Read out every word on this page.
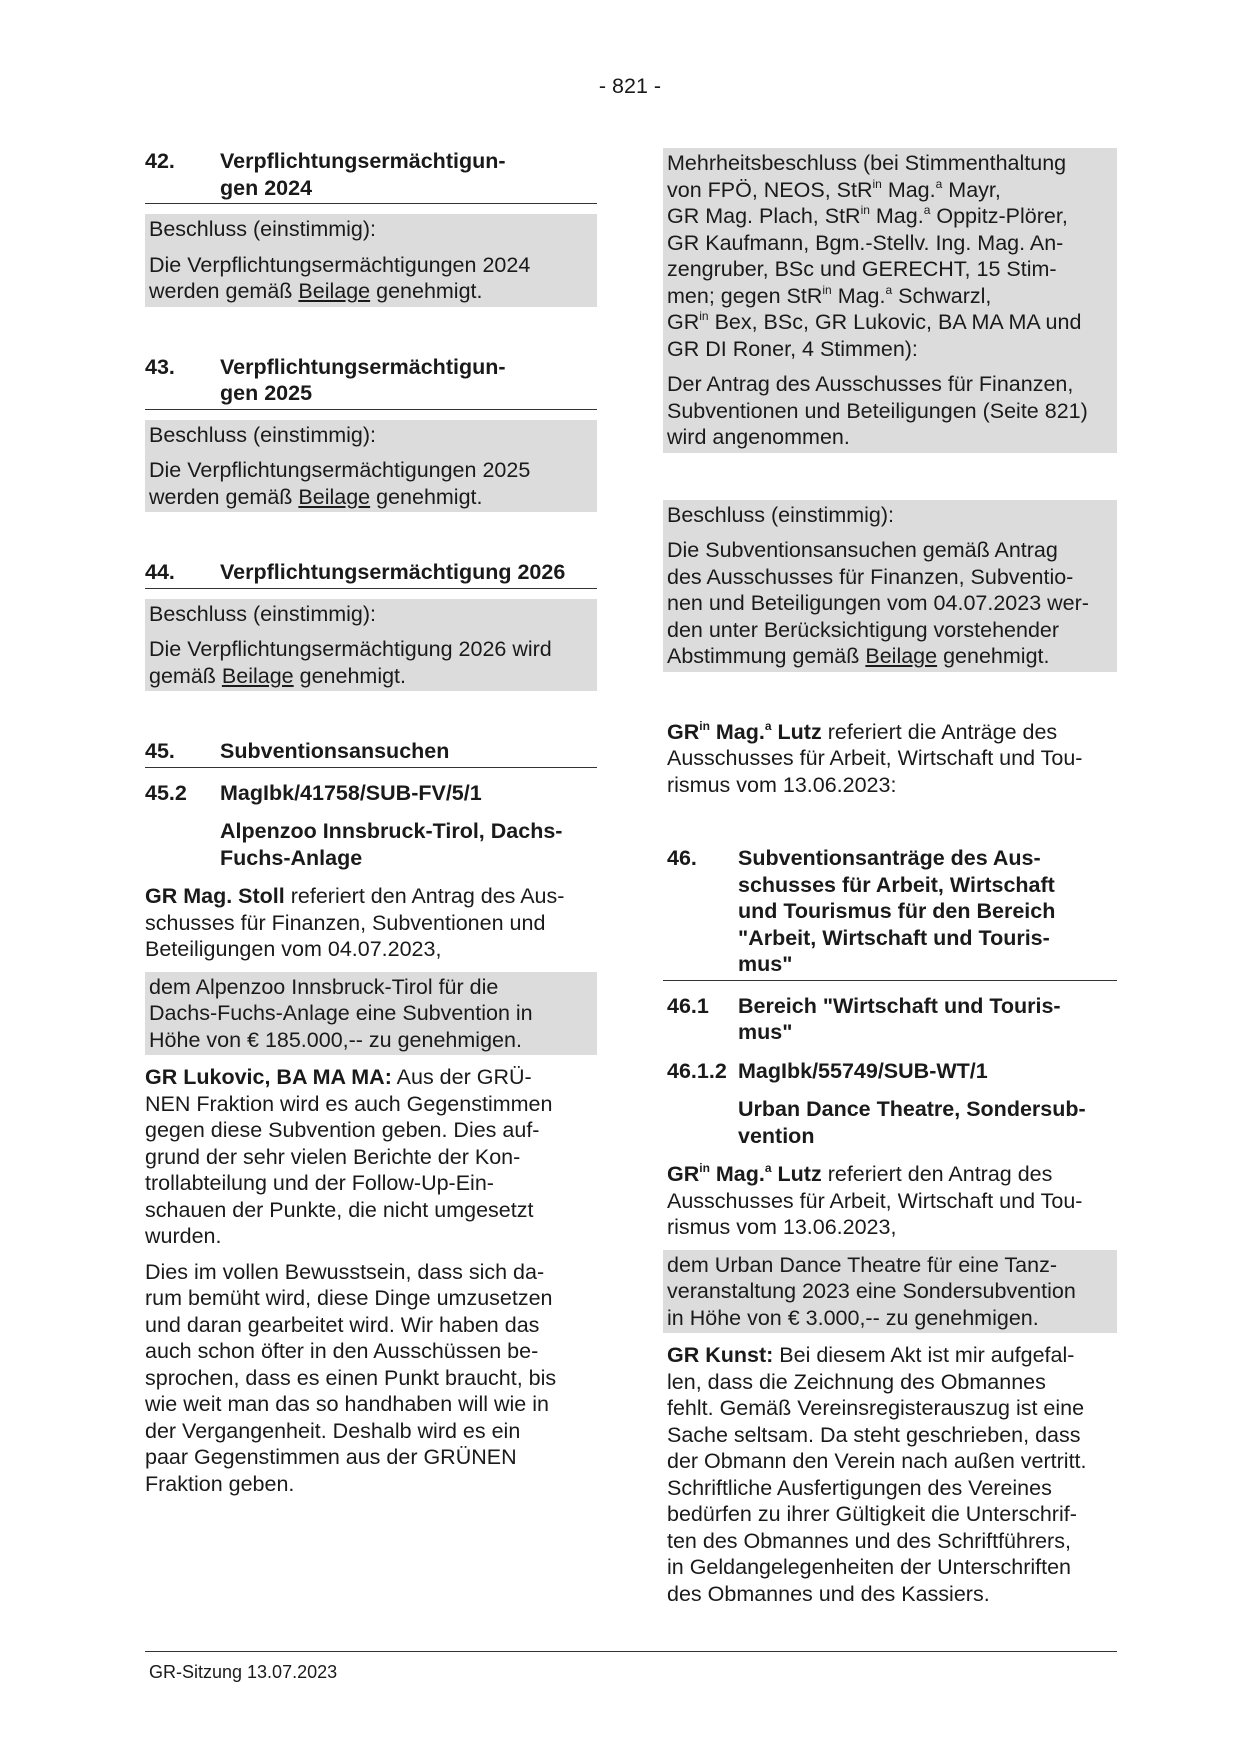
- 821 -
42.	Verpflichtungsermächtigun-
gen 2024

Beschluss (einstimmig):

Die Verpflichtungsermächtigungen 2024
werden gemäß Beilage genehmigt.

43.	Verpflichtungsermächtigun-
gen 2025

Beschluss (einstimmig):

Die Verpflichtungsermächtigungen 2025
werden gemäß Beilage genehmigt.

44.	Verpflichtungsermächtigung 2026

Beschluss (einstimmig):

Die Verpflichtungsermächtigung 2026 wird
gemäß Beilage genehmigt.

45.	Subventionsansuchen
45.2	MagIbk/41758/SUB-FV/5/1

Alpenzoo Innsbruck-Tirol, Dachs-
Fuchs-Anlage

GR Mag. Stoll referiert den Antrag des Aus-
schusses für Finanzen, Subventionen und
Beteiligungen vom 04.07.2023,

dem Alpenzoo Innsbruck-Tirol für die
Dachs-Fuchs-Anlage eine Subvention in
Höhe von € 185.000,-- zu genehmigen.

GR Lukovic, BA MA MA: Aus der GRÜ-
NEN Fraktion wird es auch Gegenstimmen
gegen diese Subvention geben. Dies auf-
grund der sehr vielen Berichte der Kon-
trollabteilung und der Follow-Up-Ein-
schauen der Punkte, die nicht umgesetzt
wurden.

Dies im vollen Bewusstsein, dass sich da-
rum bemüht wird, diese Dinge umzusetzen
und daran gearbeitet wird. Wir haben das
auch schon öfter in den Ausschüssen be-
sprochen, dass es einen Punkt braucht, bis
wie weit man das so handhaben will wie in
der Vergangenheit. Deshalb wird es ein
paar Gegenstimmen aus der GRÜNEN
Fraktion geben.

Mehrheitsbeschluss (bei Stimmenthaltung
von FPÖ, NEOS, StR$^{in}$ Mag.$^a$ Mayr,
GR Mag. Plach, StR$^{in}$ Mag.$^a$ Oppitz-Plörer,
GR Kaufmann, Bgm.-Stellv. Ing. Mag. An-
zengruber, BSc und GERECHT, 15 Stim-
men; gegen StR$^{in}$ Mag.$^a$ Schwarzl,
$GR^{in}$ Bex, BSc, GR Lukovic, BA MA MA und
GR DI Roner, 4 Stimmen):

Der Antrag des Ausschusses für Finanzen,
Subventionen und Beteiligungen (Seite 821)
wird angenommen.

Beschluss (einstimmig):

Die Subventionsansuchen gemäß Antrag
des Ausschusses für Finanzen, Subventio-
nen und Beteiligungen vom 04.07.2023 wer-
den unter Berücksichtigung vorstehender
Abstimmung gemäß Beilage genehmigt.

$GR^{in}$ Mag.$^a$ Lutz referiert die Anträge des
Ausschusses für Arbeit, Wirtschaft und Tou-
rismus vom 13.06.2023:

46.	Subventionsanträge des Aus-
schusses für Arbeit, Wirtschaft
und Tourismus für den Bereich
"Arbeit, Wirtschaft und Touris-
mus"
46.1	Bereich "Wirtschaft und Touris-
mus"
46.1.2 MagIbk/55749/SUB-WT/1

Urban Dance Theatre, Sondersub-
vention

$GR^{in}$ Mag.$^a$ Lutz referiert den Antrag des
Ausschusses für Arbeit, Wirtschaft und Tou-
rismus vom 13.06.2023,

dem Urban Dance Theatre für eine Tanz-
veranstaltung 2023 eine Sondersubvention
in Höhe von € 3.000,-- zu genehmigen.

GR Kunst: Bei diesem Akt ist mir aufgefal-
len, dass die Zeichnung des Obmannes
fehlt. Gemäß Vereinsregisterauszug ist eine
Sache seltsam. Da steht geschrieben, dass
der Obmann den Verein nach außen vertritt.
Schriftliche Ausfertigungen des Vereines
bedürfen zu ihrer Gültigkeit die Unterschrif-
ten des Obmannes und des Schriftführers,
in Geldangelegenheiten der Unterschriften
des Obmannes und des Kassiers.

GR-Sitzung 13.07.2023
